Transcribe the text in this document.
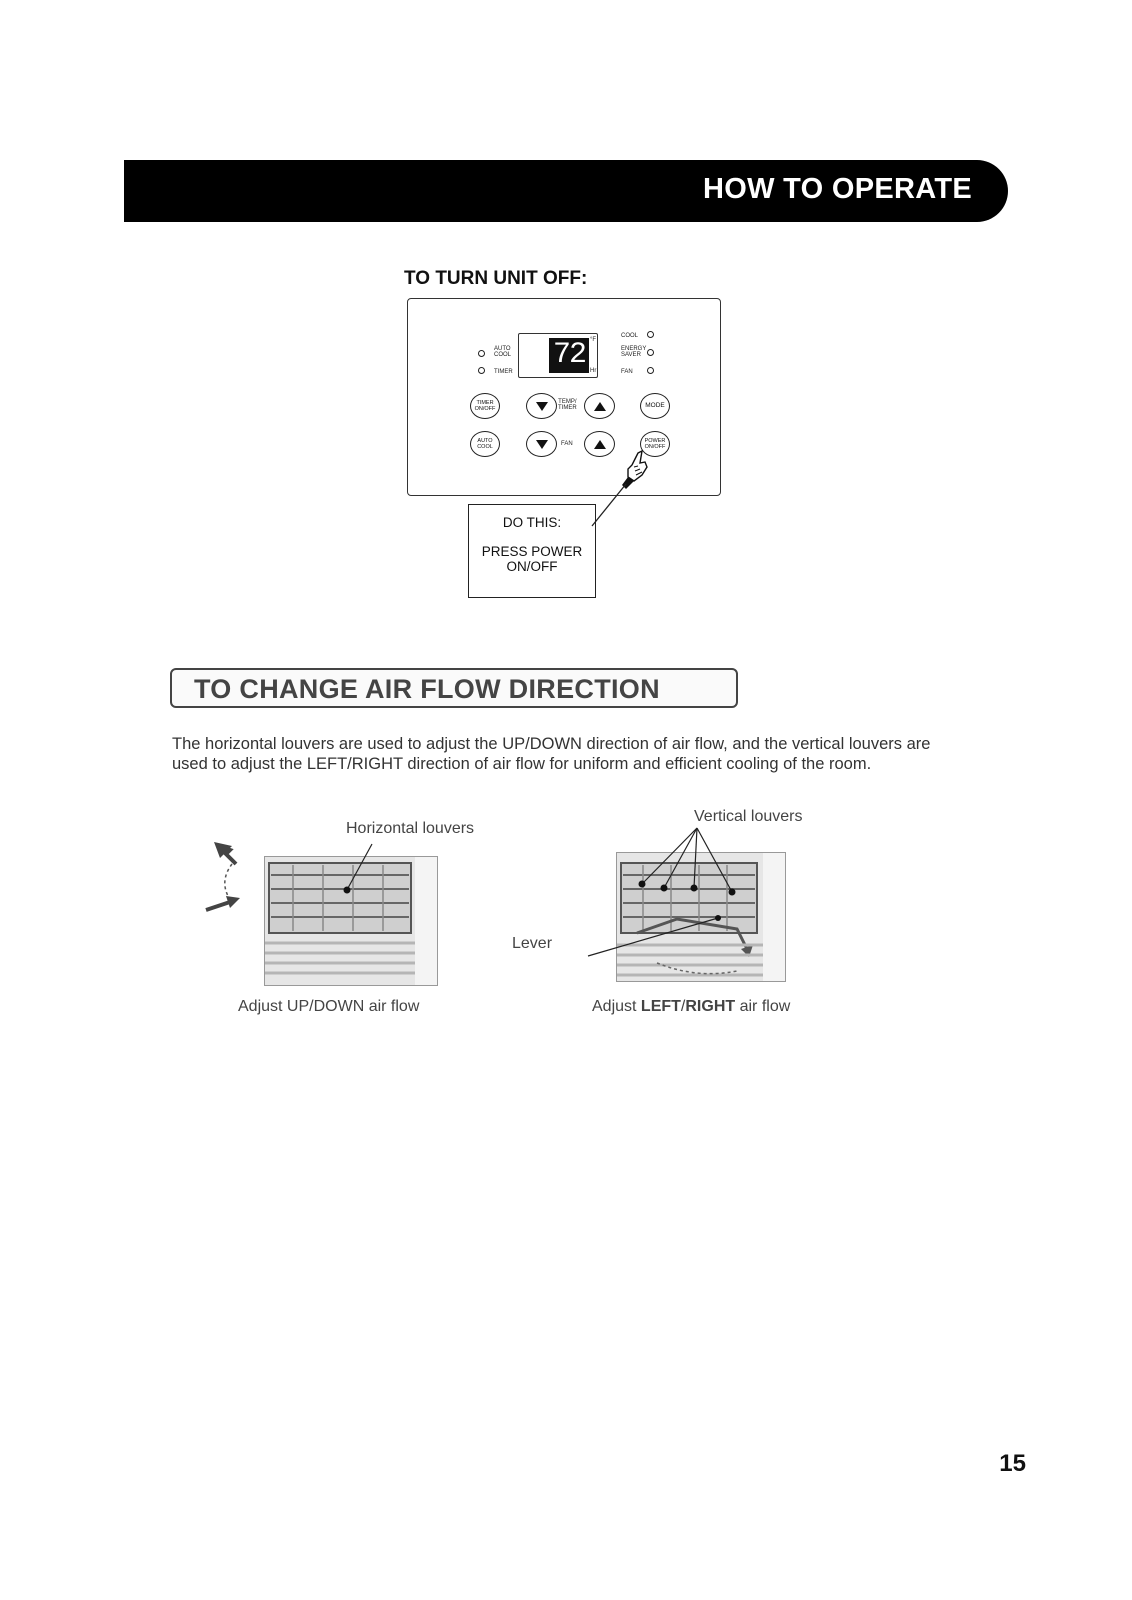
HOW TO OPERATE
TO TURN UNIT OFF:
AUTO
COOL
TIMER 72 °F
Hr
COOL
ENERGY
SAVER
FAN
TIMER
ON/OFF
TEMP/
TIMER	MODE
AUTO
COOL	FAN	POWER
ON/OFF
DO THIS:
PRESS POWER
ON/OFF
TO CHANGE AIR FLOW DIRECTION
The horizontal louvers are used to adjust the UP/DOWN direction of air flow, and the vertical louvers are used to adjust the LEFT/RIGHT direction of air flow for uniform and efficient cooling of the room.
Horizontal louvers
Vertical louvers
Lever
Adjust UP/DOWN air flow	Adjust LEFT/RIGHT air flow
15
